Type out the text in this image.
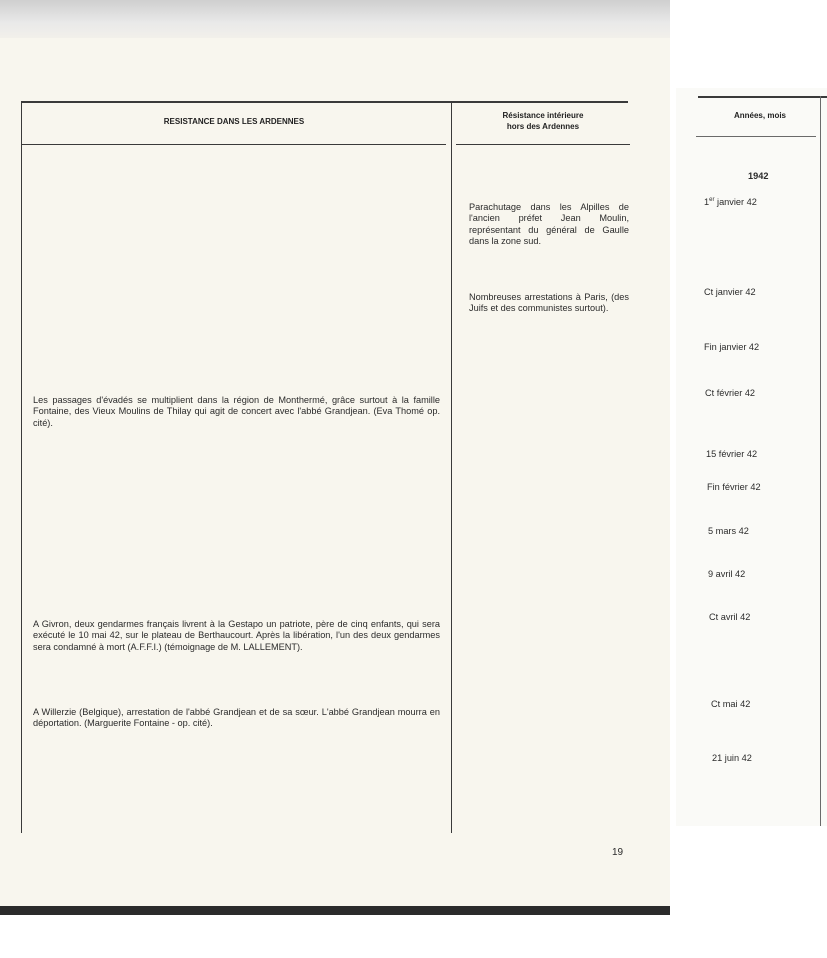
RESISTANCE DANS LES ARDENNES
Résistance intérieure
hors des Ardennes
Années, mois
Les passages d'évadés se multiplient dans la région de Monthermé, grâce surtout à la famille Fontaine, des Vieux Moulins de Thilay qui agit de concert avec l'abbé Grandjean. (Eva Thomé op. cité).
A Givron, deux gendarmes français livrent à la Gestapo un patriote, père de cinq enfants, qui sera exécuté le 10 mai 42, sur le plateau de Berthaucourt. Après la libération, l'un des deux gendarmes sera condamné à mort (A.F.F.I.) (témoignage de M. LALLEMENT).
A Willerzie (Belgique), arrestation de l'abbé Grandjean et de sa sœur. L'abbé Grandjean mourra en déportation. (Marguerite Fontaine - op. cité).
Parachutage dans les Alpilles de l'ancien préfet Jean Moulin, représentant du général de Gaulle dans la zone sud.
Nombreuses arrestations à Paris, (des Juifs et des communistes surtout).
1942
1er janvier 42
Ct janvier 42
Fin janvier 42
Ct février 42
15 février 42
Fin février 42
5 mars 42
9 avril 42
Ct avril 42
Ct mai 42
21 juin 42
19
